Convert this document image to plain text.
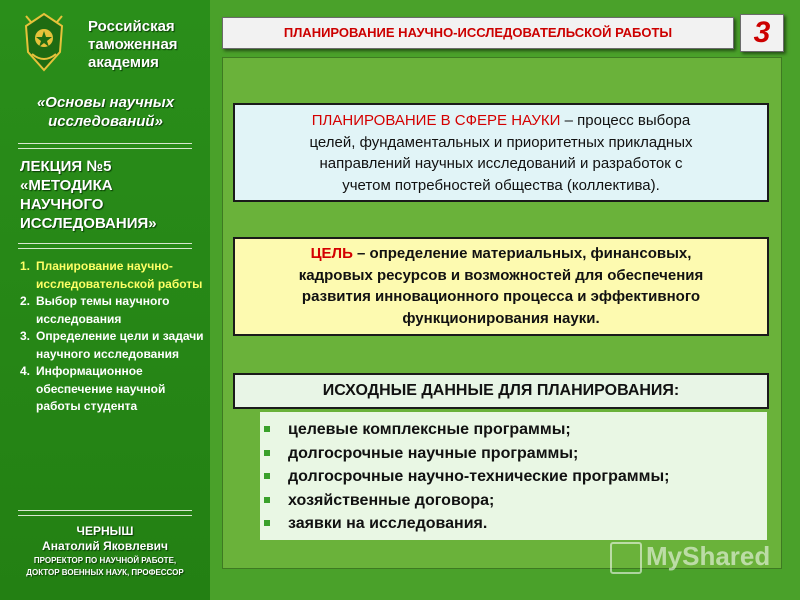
Российская
таможенная
академия
«Основы научных
исследований»
ЛЕКЦИЯ №5
«МЕТОДИКА
НАУЧНОГО
ИССЛЕДОВАНИЯ»
1. Планирование научно-исследовательской работы
2. Выбор темы научного исследования
3. Определение цели и задачи научного исследования
4. Информационное обеспечение научной работы студента
ЧЕРНЫШ
Анатолий Яковлевич
ПРОРЕКТОР ПО НАУЧНОЙ РАБОТЕ,
ДОКТОР ВОЕННЫХ НАУК, ПРОФЕССОР
ПЛАНИРОВАНИЕ НАУЧНО-ИССЛЕДОВАТЕЛЬСКОЙ РАБОТЫ	3
ПЛАНИРОВАНИЕ В СФЕРЕ НАУКИ – процесс выбора
целей, фундаментальных и приоритетных прикладных
направлений научных исследований и разработок с
учетом потребностей общества (коллектива).
ЦЕЛЬ – определение материальных, финансовых,
кадровых ресурсов и возможностей для обеспечения
развития инновационного процесса и эффективного
функционирования науки.
ИСХОДНЫЕ ДАННЫЕ ДЛЯ ПЛАНИРОВАНИЯ:
целевые комплексные программы;
долгосрочные научные программы;
долгосрочные научно-технические программы;
хозяйственные договора;
заявки на исследования.
MyShared
